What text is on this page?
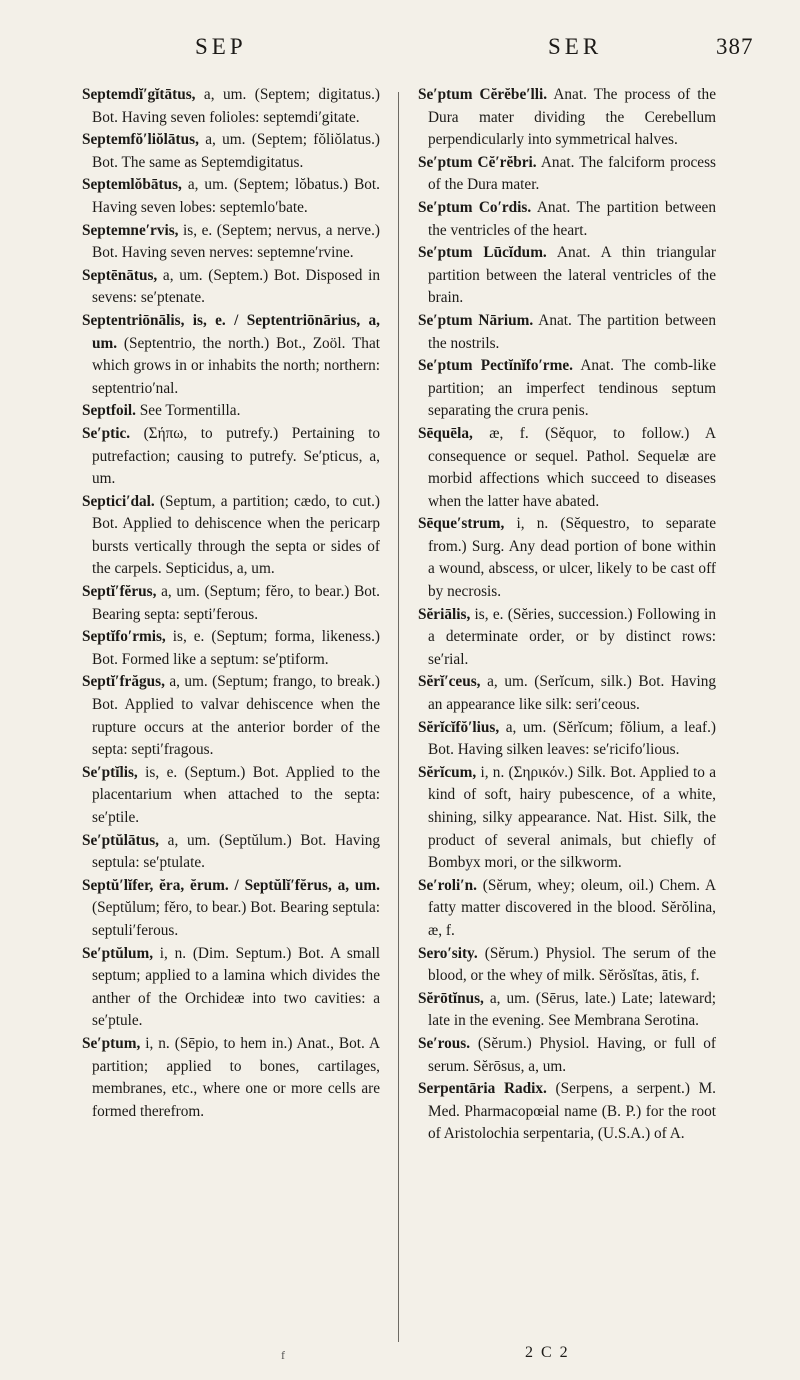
SEP	SER	387

Septemdĭ′gĭtātus, a, um. (Septem; digitatus.) Bot. Having seven folioles: septemdi′gitate.

Septemfŏ′liŏlātus, a, um. (Septem; fŏliŏlatus.) Bot. The same as Septemdigitatus.

Septemlŏbātus, a, um. (Septem; lŏbatus.) Bot. Having seven lobes: septemlo′bate.

Septemne′rvis, is, e. (Septem; nervus, a nerve.) Bot. Having seven nerves: septemne′rvine.

Septēnātus, a, um. (Septem.) Bot. Disposed in sevens: se′ptenate.

Septentriōnālis, is, e. / Septentriōnārius, a, um. (Septentrio, the north.) Bot., Zoöl. That which grows in or inhabits the north; northern: septentrio′nal.

Septfoil. See Tormentilla.

Se′ptic. (Σήπω, to putrefy.) Pertaining to putrefaction; causing to putrefy. Se′pticus, a, um.

Septici′dal. (Septum, a partition; cædo, to cut.) Bot. Applied to dehiscence when the pericarp bursts vertically through the septa or sides of the carpels. Septicidus, a, um.

Septĭ′fĕrus, a, um. (Septum; fĕro, to bear.) Bot. Bearing septa: septi′ferous.

Septĭfo′rmis, is, e. (Septum; forma, likeness.) Bot. Formed like a septum: se′ptiform.

Septĭ′frăgus, a, um. (Septum; frango, to break.) Bot. Applied to valvar dehiscence when the rupture occurs at the anterior border of the septa: septi′fragous.

Se′ptĭlis, is, e. (Septum.) Bot. Applied to the placentarium when attached to the septa: se′ptile.

Se′ptŭlātus, a, um. (Septŭlum.) Bot. Having septula: se′ptulate.

Septŭ′lĭfer, ĕra, ĕrum. / Septŭlĭ′fĕrus, a, um. (Septŭlum; fĕro, to bear.) Bot. Bearing septula: septuli′ferous.

Se′ptŭlum, i, n. (Dim. Septum.) Bot. A small septum; applied to a lamina which divides the anther of the Orchideæ into two cavities: a se′ptule.

Se′ptum, i, n. (Sēpio, to hem in.) Anat., Bot. A partition; applied to bones, cartilages, membranes, etc., where one or more cells are formed therefrom.

Se′ptum Cĕrĕbe′lli. Anat. The process of the Dura mater dividing the Cerebellum perpendicularly into symmetrical halves.

Se′ptum Cĕ′rĕbri. Anat. The falciform process of the Dura mater.

Se′ptum Co′rdis. Anat. The partition between the ventricles of the heart.

Se′ptum Lūcĭdum. Anat. A thin triangular partition between the lateral ventricles of the brain.

Se′ptum Nārium. Anat. The partition between the nostrils.

Se′ptum Pectĭnĭfo′rme. Anat. The comb-like partition; an imperfect tendinous septum separating the crura penis.

Sēquēla, æ, f. (Sĕquor, to follow.) A consequence or sequel. Pathol. Sequelæ are morbid affections which succeed to diseases when the latter have abated.

Sēque′strum, i, n. (Sĕquestro, to separate from.) Surg. Any dead portion of bone within a wound, abscess, or ulcer, likely to be cast off by necrosis.

Sĕriālis, is, e. (Sĕries, succession.) Following in a determinate order, or by distinct rows: se′rial.

Sĕrĭ′ceus, a, um. (Serĭcum, silk.) Bot. Having an appearance like silk: seri′ceous.

Sĕrĭcĭfŏ′lius, a, um. (Sĕrĭcum; fŏlium, a leaf.) Bot. Having silken leaves: se′ricifo′lious.

Sĕrĭcum, i, n. (Σηρικόν.) Silk. Bot. Applied to a kind of soft, hairy pubescence, of a white, shining, silky appearance. Nat. Hist. Silk, the product of several animals, but chiefly of Bombyx mori, or the silkworm.

Se′roli′n. (Sĕrum, whey; oleum, oil.) Chem. A fatty matter discovered in the blood. Sĕrŏlina, æ, f.

Sero′sity. (Sĕrum.) Physiol. The serum of the blood, or the whey of milk. Sĕrŏsĭtas, ātis, f.

Sĕrōtĭnus, a, um. (Sērus, late.) Late; lateward; late in the evening. See Membrana Serotina.

Se′rous. (Sĕrum.) Physiol. Having, or full of serum. Sĕrōsus, a, um.

Serpentāria Radix. (Serpens, a serpent.) M. Med. Pharmacopœial name (B. P.) for the root of Aristolochia serpentaria, (U.S.A.) of A.

f	2 C 2
